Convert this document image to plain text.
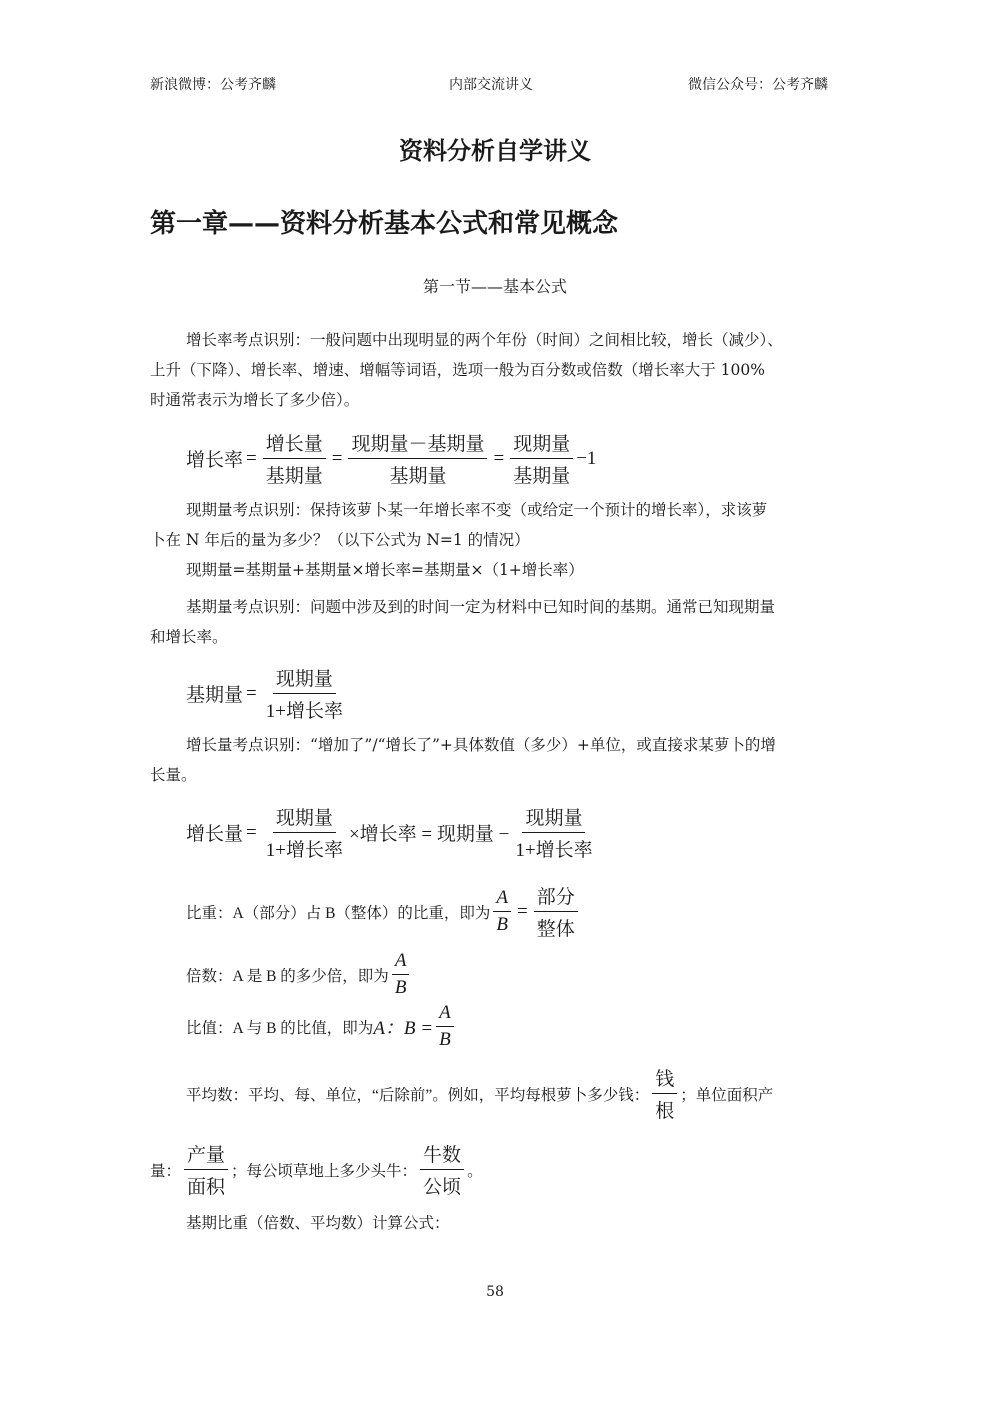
新浪微博：公考齐麟	内部交流讲义	微信公众号：公考齐麟
资料分析自学讲义
第一章——资料分析基本公式和常见概念
第一节——基本公式
增长率考点识别：一般问题中出现明显的两个年份（时间）之间相比较，增长（减少）、
上升（下降）、增长率、增速、增幅等词语，选项一般为百分数或倍数（增长率大于 100%
时通常表示为增长了多少倍）。
增长率 = $\frac{\text{增长量}}{\text{基期量}} = \frac{\text{现期量－基期量}}{\text{基期量}} = \frac{\text{现期量}}{\text{基期量}} -1$
现期量考点识别：保持该萝卜某一年增长率不变（或给定一个预计的增长率），求该萝
卜在 N 年后的量为多少？（以下公式为 N=1 的情况）
现期量=基期量+基期量×增长率=基期量×（1+增长率）
基期量考点识别：问题中涉及到的时间一定为材料中已知时间的基期。通常已知现期量
和增长率。
基期量 = $\frac{\text{现期量}}{\text{1+增长率}}$
增长量考点识别：“增加了”/“增长了”+具体数值（多少）+单位，或直接求某萝卜的增
长量。
增长量 = $\frac{\text{现期量}}{\text{1+增长率}}$ ×增长率 = 现期量 − $\frac{\text{现期量}}{\text{1+增长率}}$
比重：A（部分）占 B（整体）的比重，即为 $\frac{A}{B} = \frac{\text{部分}}{\text{整体}}$
倍数：A 是 B 的多少倍，即为 $\frac{A}{B}$
比值：A 与 B 的比值，即为 A：$B = \frac{A}{B}$
平均数：平均、每、单位，“后除前”。例如，平均每根萝卜多少钱： $\frac{\text{钱}}{\text{根}}$ ；单位面积产
量： $\frac{\text{产量}}{\text{面积}}$ ；每公顷草地上多少头牛： $\frac{\text{牛数}}{\text{公顷}}$ 。
基期比重（倍数、平均数）计算公式：
58
